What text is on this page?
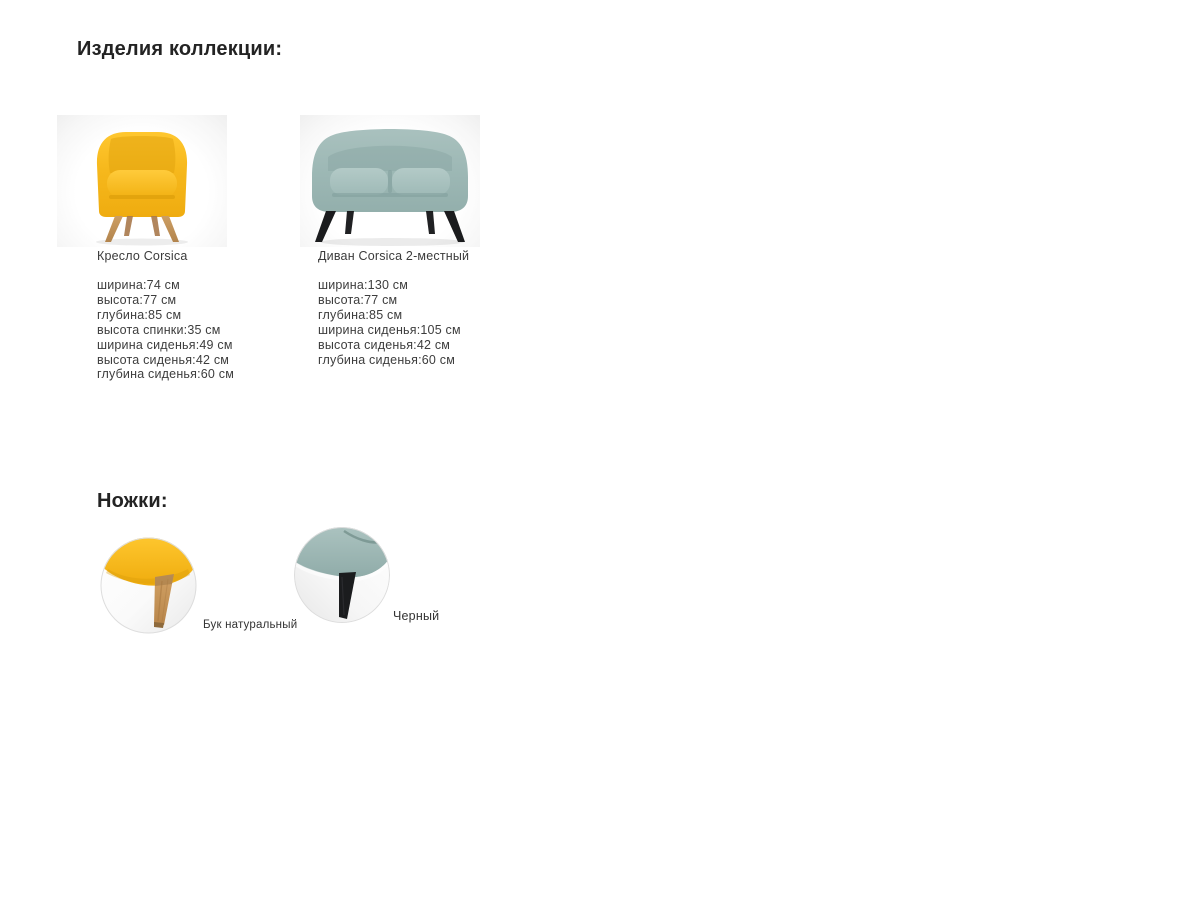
Изделия коллекции:
Кресло Corsica
ширина:74 см
высота:77 см
глубина:85 см
высота спинки:35 см
ширина сиденья:49 см
высота сиденья:42 см
глубина сиденья:60 см
Диван Corsica 2-местный
ширина:130 см
высота:77 см
глубина:85 см
ширина сиденья:105 см
высота сиденья:42 см
глубина сиденья:60 см
Ножки:
Бук натуральный
Черный
